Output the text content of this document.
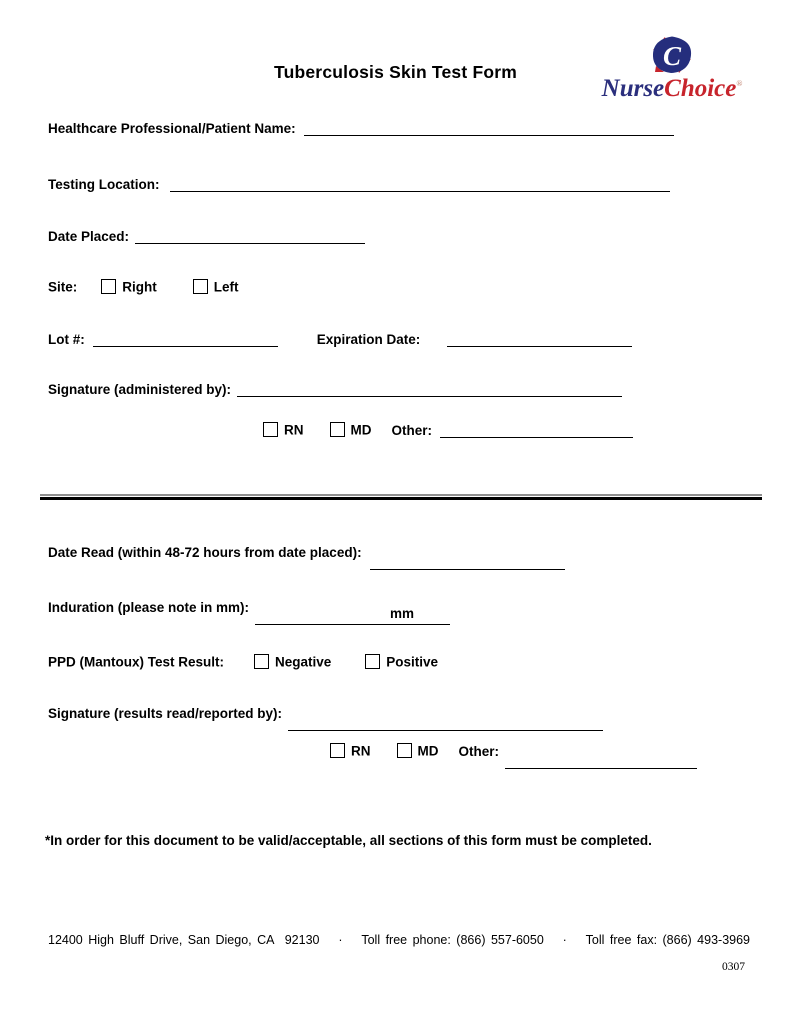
Tuberculosis Skin Test Form
C
NurseChoice®
Healthcare Professional/Patient Name:
Testing Location:
Date Placed:
Site:	Right	Left
Lot #:	Expiration Date:
Signature (administered by):
RN	MD Other:
Date Read (within 48-72 hours from date placed):
Induration (please note in mm):	mm
PPD (Mantoux) Test Result:	Negative	Positive
Signature (results read/reported by):
RN	MD Other:
*In order for this document to be valid/acceptable, all sections of this form must be completed.
12400 High Bluff Drive, San Diego, CA  92130 · Toll free phone: (866) 557-6050 · Toll free fax: (866) 493-3969
0307
